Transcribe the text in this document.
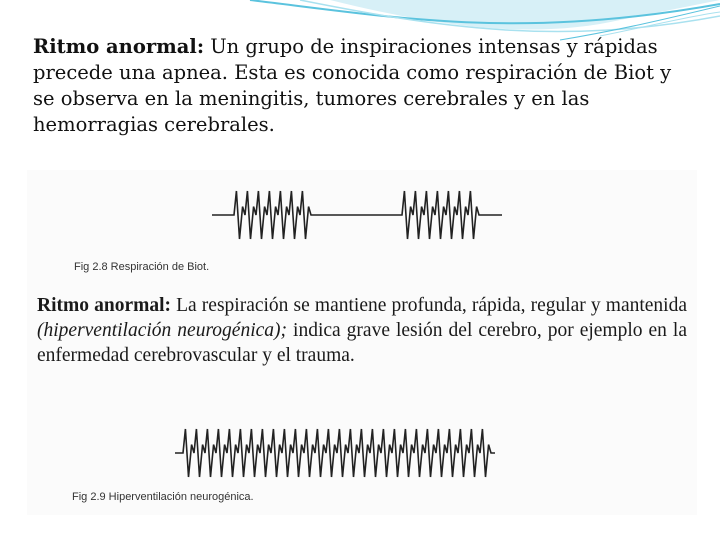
Ritmo anormal: Un grupo de inspiraciones intensas y rápidas precede una apnea. Esta es conocida como respiración de Biot y se observa en la meningitis, tumores cerebrales y en las hemorragias cerebrales.
Fig 2.8 Respiración de Biot.
Ritmo anormal: La respiración se mantiene profunda, rápida, regular y mantenida (hiperventilación neurogénica); indica grave lesión del cerebro, por ejemplo en la enfermedad cerebrovascular y el trauma.
Fig 2.9 Hiperventilación neurogénica.
